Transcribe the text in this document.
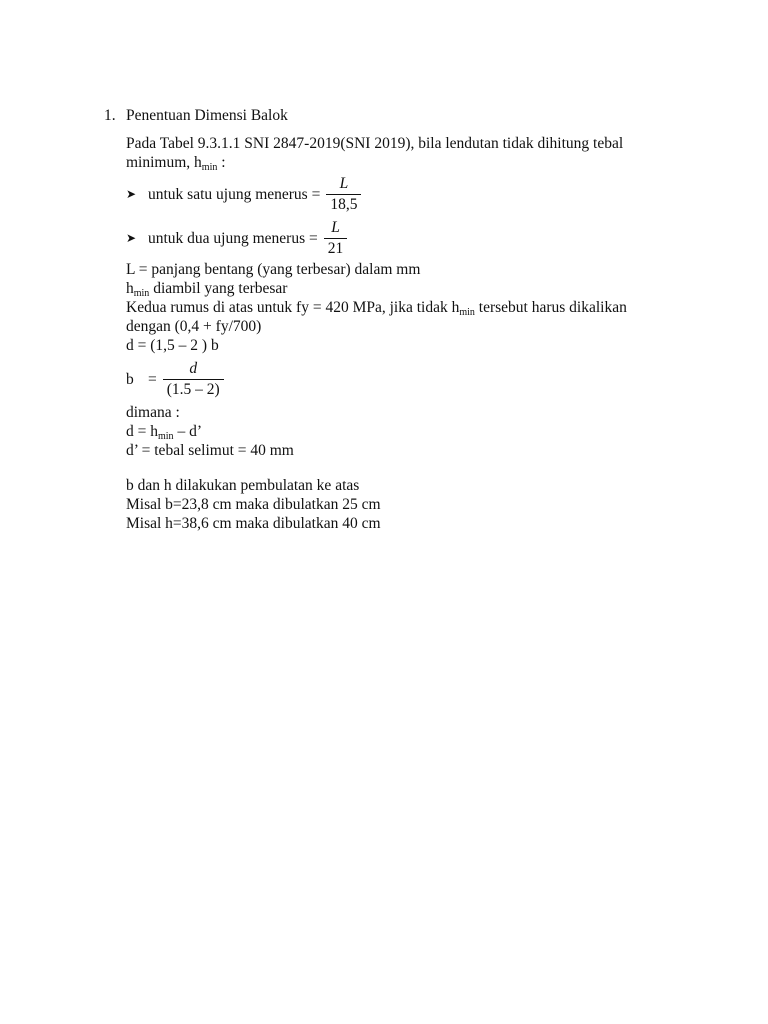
1. Penentuan Dimensi Balok
Pada Tabel 9.3.1.1 SNI 2847-2019(SNI 2019), bila lendutan tidak dihitung tebal
minimum, $h_{min}$ :
➤ untuk satu ujung menerus = $\frac{L}{18,5}$
➤ untuk dua ujung menerus = $\frac{L}{21}$
L = panjang bentang (yang terbesar) dalam mm
$h_{min}$ diambil yang terbesar
Kedua rumus di atas untuk fy = 420 MPa, jika tidak $h_{min}$ tersebut harus dikalikan
dengan (0,4 + fy/700)
d = (1,5 – 2 ) b
$b = \frac{d}{(1.5 - 2)}$
dimana :
$d = h_{min} - d$’
d’ = tebal selimut = 40 mm
b dan h dilakukan pembulatan ke atas
Misal b=23,8 cm maka dibulatkan 25 cm
Misal h=38,6 cm maka dibulatkan 40 cm
